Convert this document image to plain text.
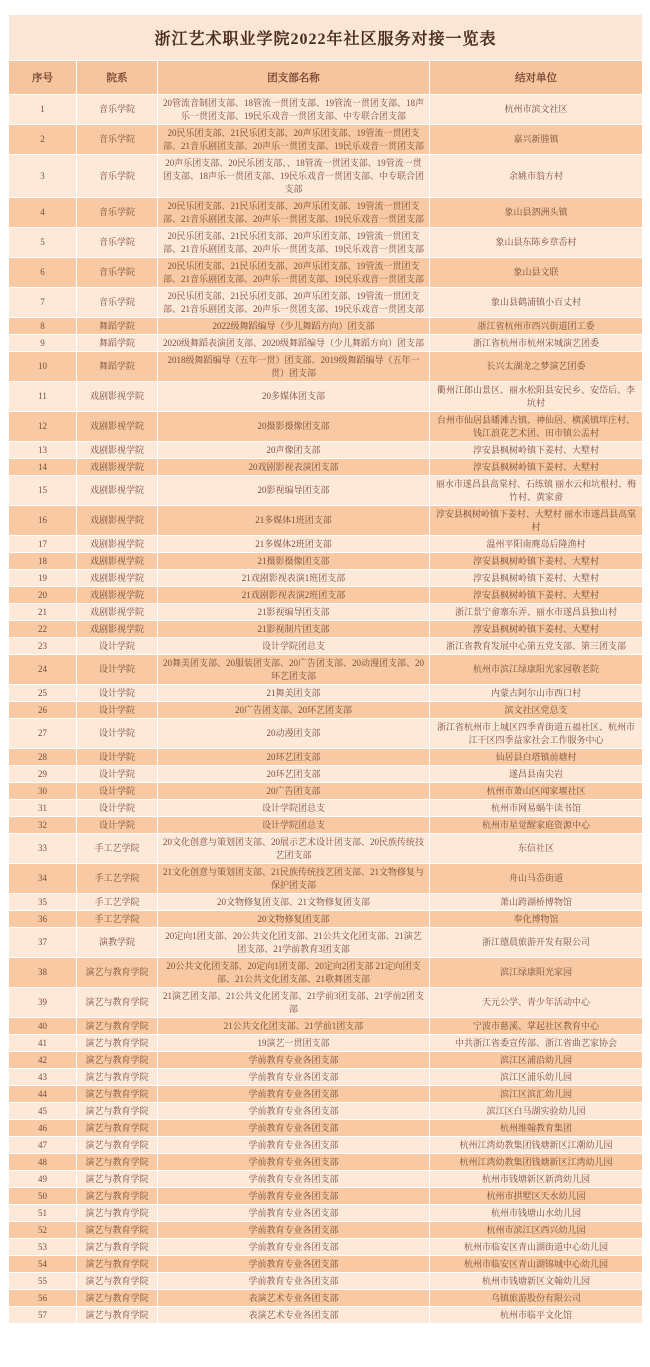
浙江艺术职业学院2022年社区服务对接一览表			
序号	院系	团支部名称	结对单位
1	音乐学院	20管流音制团支部、18管流一贯团支部、19管流一贯团支部、18声乐一贯团支部、19民乐戏音一贯团支部、中专联合团支部	杭州市滨文社区
2	音乐学院	20民乐团支部、21民乐团支部、20声乐团支部、19管流一贯团支部、21音乐剧团支部、20声乐一贯团支部、19民乐戏音一贯团支部	嘉兴新塍镇
3	音乐学院	20声乐团支部、20民乐团支部、、18管流一贯团支部、19管流一贯团支部、18声乐一贯团支部、19民乐戏音一贯团支部、中专联合团支部	余姚市翁方村
4	音乐学院	20民乐团支部、21民乐团支部、20声乐团支部、19管流一贯团支部、21音乐剧团支部、20声乐一贯团支部、19民乐戏音一贯团支部	象山县泗洲头镇
5	音乐学院	20民乐团支部、21民乐团支部、20声乐团支部、19管流一贯团支部、21音乐剧团支部、20声乐一贯团支部、19民乐戏音一贯团支部	象山县东陈乡章岙村
6	音乐学院	20民乐团支部、21民乐团支部、20声乐团支部、19管流一贯团支部、21音乐剧团支部、20声乐一贯团支部、19民乐戏音一贯团支部	象山县文联
7	音乐学院	20民乐团支部、21民乐团支部、20声乐团支部、19管流一贯团支部、21音乐剧团支部、20声乐一贯团支部、19民乐戏音一贯团支部	象山县鹤浦镇小百丈村
8	舞蹈学院	2022级舞蹈编导（少儿舞蹈方向）团支部	浙江省杭州市西兴街道团工委
9	舞蹈学院	2020级舞蹈表演团支部、2020级舞蹈编导（少儿舞蹈方向）团支部	浙江省杭州市杭州宋城演艺团委
10	舞蹈学院	2018级舞蹈编导（五年一贯）团支部、2019级舞蹈编导（五年一贯）团支部	长兴太湖龙之梦演艺团委
11	戏剧影视学院	20多媒体团支部	衢州江郎山景区、丽水松阳县安民乡、安岱后、李坑村
12	戏剧影视学院	20摄影摄像团支部	台州市仙居县皤滩古镇、神仙居、横溪镇垟庄村、钱江浪花艺术团、田市镇公盂村
13	戏剧影视学院	20声像团支部	淳安县枫树岭镇下姜村、大墅村
14	戏剧影视学院	20戏剧影视表演团支部	淳安县枫树岭镇下姜村、大墅村
15	戏剧影视学院	20影视编导团支部	丽水市遂昌县高棠村、石练镇 丽水云和坑根村、梅竹村、黄家畲
16	戏剧影视学院	21多媒体1班团支部	淳安县枫树岭镇下姜村、大墅村 丽水市遂昌县高棠村
17	戏剧影视学院	21多媒体2班团支部	温州平阳南麂岛后隆渔村
18	戏剧影视学院	21摄影摄像团支部	淳安县枫树岭镇下姜村、大墅村
19	戏剧影视学院	21戏剧影视表演1班团支部	淳安县枫树岭镇下姜村、大墅村
20	戏剧影视学院	21戏剧影视表演2班团支部	淳安县枫树岭镇下姜村、大墅村
21	戏剧影视学院	21影视编导团支部	浙江景宁畲寨东弄、丽水市遂昌县独山村
22	戏剧影视学院	21影视制片团支部	淳安县枫树岭镇下姜村、大墅村
23	设计学院	设计学院团总支	浙江省教育发展中心第五党支部、第三团支部
24	设计学院	20舞美团支部、20服装团支部、20广告团支部、20动漫团支部、20环艺团支部	杭州市滨江绿康阳光家园敬老院
25	设计学院	21舞美团支部	内蒙古阿尔山市西口村
26	设计学院	20广告团支部、20环艺团支部	滨文社区党总支
27	设计学院	20动漫团支部	浙江省杭州市上城区四季青街道五福社区、杭州市江干区四季益家社会工作服务中心
28	设计学院	20环艺团支部	仙居县白塔镇前塘村
29	设计学院	20环艺团支部	遂昌县南尖岩
30	设计学院	20广告团支部	杭州市萧山区闻家堰社区
31	设计学院	设计学院团总支	杭州市网易蜗牛读书馆
32	设计学院	设计学院团总支	杭州市星觉醒家庭资源中心
33	手工艺学院	20文化创意与策划团支部、20展示艺术设计团支部、20民族传统技艺团支部	东信社区
34	手工艺学院	21文化创意与策划团支部、21民族传统技艺团支部、21文物修复与保护团支部	舟山马岙街道
35	手工艺学院	20文物修复团支部、21文物修复团支部	萧山跨湖桥博物馆
36	手工艺学院	20文物修复团支部	奉化博物馆
37	演教学院	20定向1团支部、20公共文化团支部、21公共文化团支部、21演艺团支部、21学前教育3团支部	浙江德晨旅游开发有限公司
38	演艺与教育学院	20公共文化团支部、20定向1团支部、20定向2团支部 21定向团支部、21公共文化团支部、21歌舞团支部	滨江绿康阳光家园
39	演艺与教育学院	21演艺团支部、21公共文化团支部、21学前3团支部、21学前2团支部	天元公学、青少年活动中心
40	演艺与教育学院	21公共文化团支部、21学前1团支部	宁波市慈溪、掌起社区教育中心
41	演艺与教育学院	19演艺一贯团支部	中共浙江省委宣传部、浙江省曲艺家协会
42	演艺与教育学院	学前教育专业各团支部	滨江区浦沿幼儿园
43	演艺与教育学院	学前教育专业各团支部	滨江区浦乐幼儿园
44	演艺与教育学院	学前教育专业各团支部	滨江区滨汇幼儿园
45	演艺与教育学院	学前教育专业各团支部	滨江区白马湖实验幼儿园
46	演艺与教育学院	学前教育专业各团支部	杭州维翰教育集团
47	演艺与教育学院	学前教育专业各团支部	杭州江湾幼教集团钱塘新区江潮幼儿园
48	演艺与教育学院	学前教育专业各团支部	杭州江湾幼教集团钱塘新区江湾幼儿园
49	演艺与教育学院	学前教育专业各团支部	杭州市钱塘新区新湾幼儿园
50	演艺与教育学院	学前教育专业各团支部	杭州市拱墅区天水幼儿园
51	演艺与教育学院	学前教育专业各团支部	杭州市钱塘山水幼儿园
52	演艺与教育学院	学前教育专业各团支部	杭州市滨江区西兴幼儿园
53	演艺与教育学院	学前教育专业各团支部	杭州市临安区青山湖街道中心幼儿园
54	演艺与教育学院	学前教育专业各团支部	杭州市临安区青山湖锦城中心幼儿园
55	演艺与教育学院	学前教育专业各团支部	杭州市钱塘新区文翰幼儿园
56	演艺与教育学院	表演艺术专业各团支部	乌镇旅游股份有限公司
57	演艺与教育学院	表演艺术专业各团支部	杭州市临平文化馆
